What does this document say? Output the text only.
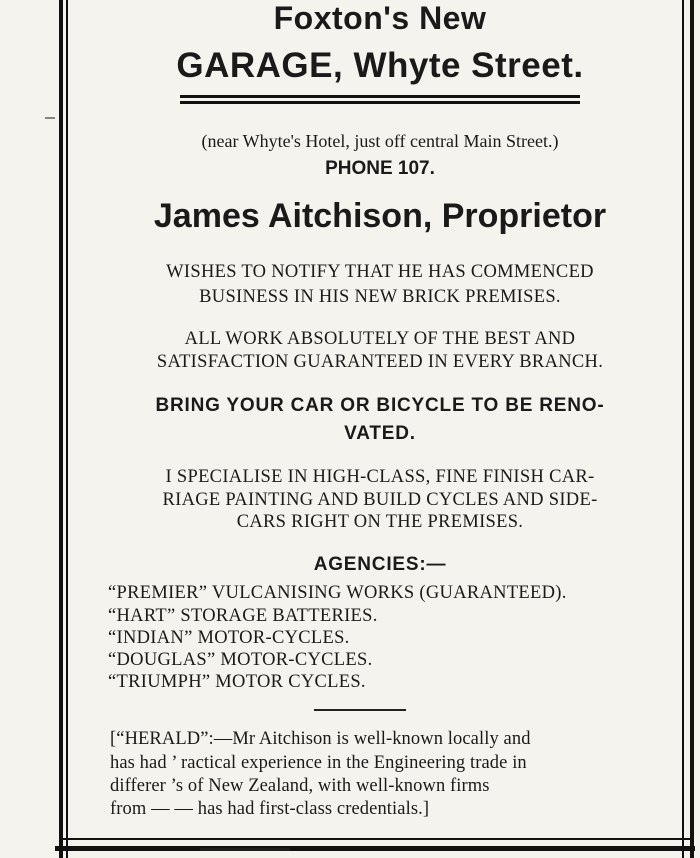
Foxton's New
GARAGE, Whyte Street.
(near Whyte's Hotel, just off central Main Street.)
PHONE 107.
James Aitchison, Proprietor
WISHES TO NOTIFY THAT HE HAS COMMENCED
BUSINESS IN HIS NEW BRICK PREMISES.
ALL WORK ABSOLUTELY OF THE BEST AND
SATISFACTION GUARANTEED IN EVERY BRANCH.
BRING YOUR CAR OR BICYCLE TO BE RENO-
VATED.
I SPECIALISE IN HIGH-CLASS, FINE FINISH CAR-
RIAGE PAINTING AND BUILD CYCLES AND SIDE-
CARS RIGHT ON THE PREMISES.
AGENCIES:—
“PREMIER” VULCANISING WORKS (GUARANTEED).
“HART” STORAGE BATTERIES.
“INDIAN” MOTOR-CYCLES.
“DOUGLAS” MOTOR-CYCLES.
“TRIUMPH” MOTOR CYCLES.
[“HERALD”:—Mr Aitchison is well-known locally and
has had ’ ractical experience in the Engineering trade in
differer ’s of New Zealand, with well-known firms
from — — has had first-class credentials.]
